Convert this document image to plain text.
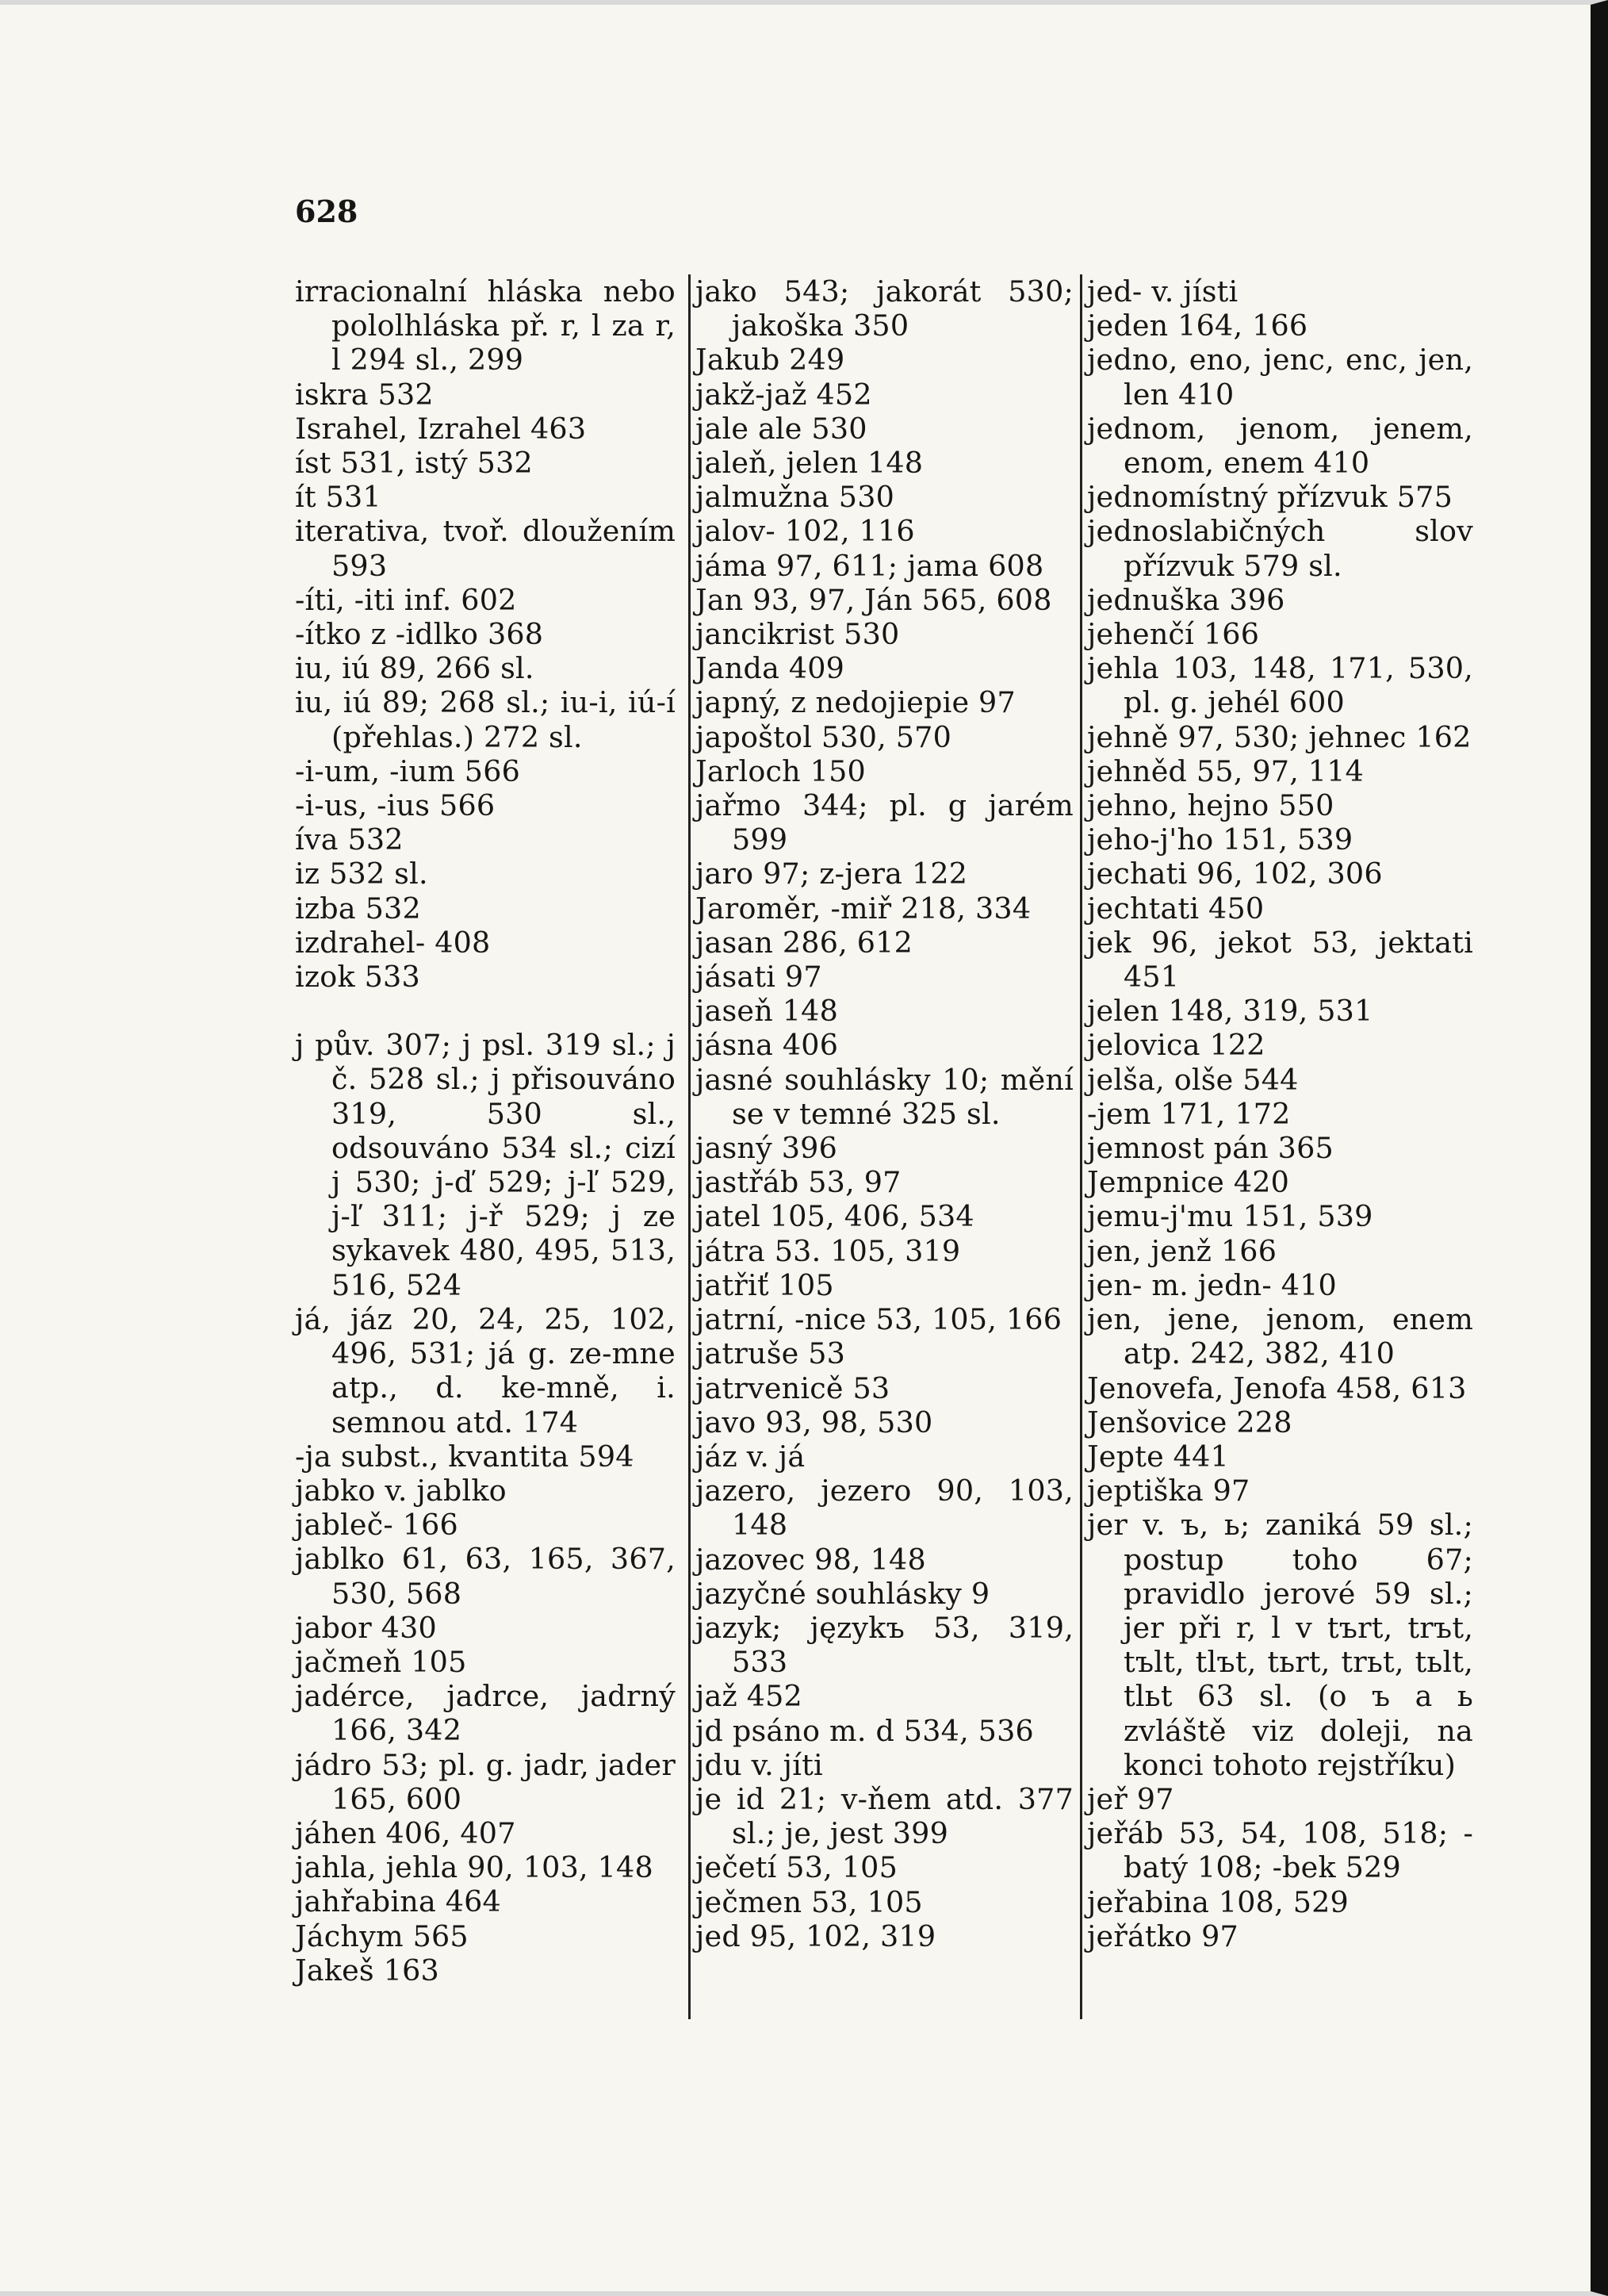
628
irracionalní hláska nebo pololhláska př. r, l za r, l 294 sl., 299
iskra 532
Israhel, Izrahel 463
íst 531, istý 532
ít 531
iterativa, tvoř. dloužením 593
-íti, -iti inf. 602
-ítko z -idlko 368
iu, iú 89, 266 sl.
iu, iú 89; 268 sl.; iu-i, iú-í (přehlas.) 272 sl.
-i-um, -ium 566
-i-us, -ius 566
íva 532
iz 532 sl.
izba 532
izdrahel- 408
izok 533
j pův. 307; j psl. 319 sl.; j č. 528 sl.; j přisouváno 319, 530 sl., odsouváno 534 sl.; cizí j 530; j-ď 529; j-ľ 529, j-ľ 311; j-ř 529; j ze sykavek 480, 495, 513, 516, 524
já, jáz 20, 24, 25, 102, 496, 531; já g. ze-mne atp., d. ke-mně, i. semnou atd. 174
-ja subst., kvantita 594
jabko v. jablko
jableč- 166
jablko 61, 63, 165, 367, 530, 568
jabor 430
jačmeň 105
jadérce, jadrce, jadrný 166, 342
jádro 53; pl. g. jadr, jader 165, 600
jáhen 406, 407
jahla, jehla 90, 103, 148
jahřabina 464
Jáchym 565
Jakeš 163
jako 543; jakorát 530; jakoška 350
Jakub 249
jakž-jaž 452
jale ale 530
jaleň, jelen 148
jalmužna 530
jalov- 102, 116
jáma 97, 611; jama 608
Jan 93, 97, Ján 565, 608
jancikrist 530
Janda 409
japný, z nedojiepie 97
japoštol 530, 570
Jarloch 150
jařmo 344; pl. g jarém 599
jaro 97; z-jera 122
Jaroměr, -miř 218, 334
jasan 286, 612
jásati 97
jaseň 148
jásna 406
jasné souhlásky 10; mění se v temné 325 sl.
jasný 396
jastřáb 53, 97
jatel 105, 406, 534
játra 53. 105, 319
jatřiť 105
jatrní, -nice 53, 105, 166
jatruše 53
jatrvenicě 53
javo 93, 98, 530
jáz v. já
jazero, jezero 90, 103, 148
jazovec 98, 148
jazyčné souhlásky 9
jazyk; językъ 53, 319, 533
jaž 452
jd psáno m. d 534, 536
jdu v. jíti
je id 21; v-ňem atd. 377 sl.; je, jest 399
ječetí 53, 105
ječmen 53, 105
jed 95, 102, 319
jed- v. jísti
jeden 164, 166
jedno, eno, jenc, enc, jen, len 410
jednom, jenom, jenem, enom, enem 410
jednomístný přízvuk 575
jednoslabičných slov přízvuk 579 sl.
jednuška 396
jehenčí 166
jehla 103, 148, 171, 530, pl. g. jehél 600
jehně 97, 530; jehnec 162
jehněd 55, 97, 114
jehno, hejno 550
jeho-j'ho 151, 539
jechati 96, 102, 306
jechtati 450
jek 96, jekot 53, jektati 451
jelen 148, 319, 531
jelovica 122
jelša, olše 544
-jem 171, 172
jemnost pán 365
Jempnice 420
jemu-j'mu 151, 539
jen, jenž 166
jen- m. jedn- 410
jen, jene, jenom, enem atp. 242, 382, 410
Jenovefa, Jenofa 458, 613
Jenšovice 228
Jepte 441
jeptiška 97
jer v. ъ, ь; zaniká 59 sl.; postup toho 67; pravidlo jerové 59 sl.; jer při r, l v tъrt, trъt, tъlt, tlъt, tьrt, trьt, tьlt, tlьt 63 sl. (o ъ a ь zvláště viz doleji, na konci tohoto rejstříku)
jeř 97
jeřáb 53, 54, 108, 518; -batý 108; -bek 529
jeřabina 108, 529
jeřátko 97
